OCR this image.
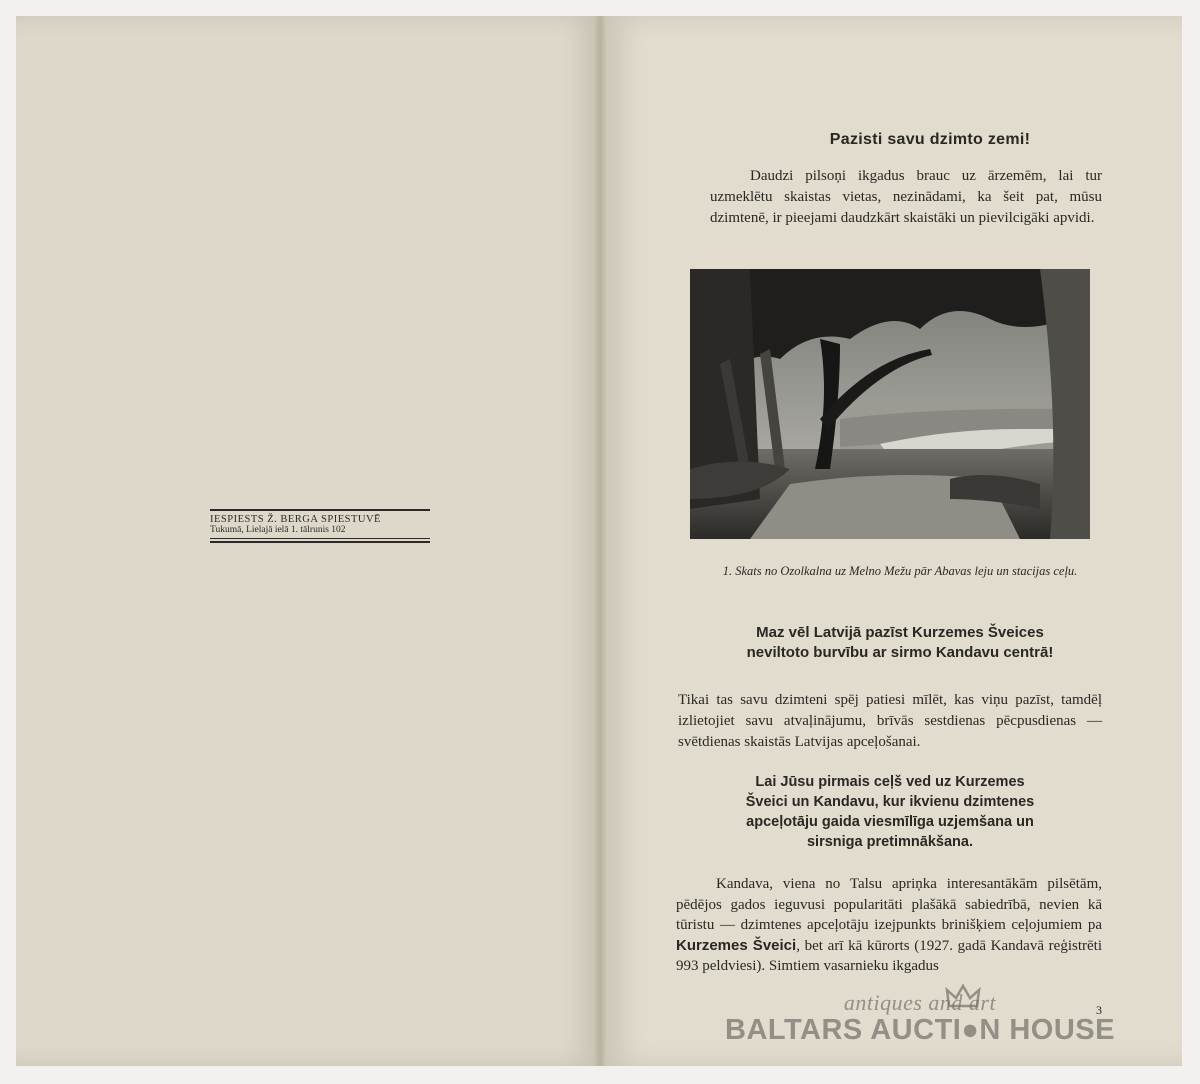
IESPIESTS Ž. BERGA SPIESTUVĒ
Tukumā, Lielajā ielā 1. tālrunis 102
Pazisti savu dzimto zemi!
Daudzi pilsoņi ikgadus brauc uz ārzemēm, lai tur uzmeklētu skaistas vietas, nezinādami, ka šeit pat, mūsu dzimtenē, ir pieejami daudzkārt skaistāki un pievilcigāki apvidi.
1. Skats no Ozolkalna uz Melno Mežu pār Abavas leju un stacijas ceļu.
Maz vēl Latvijā pazīst Kurzemes Šveices neviltoto burvību ar sirmo Kandavu centrā!
Tikai tas savu dzimteni spēj patiesi mīlēt, kas viņu pazīst, tamdēļ izlietojiet savu atvaļinājumu, brīvās sestdienas pēcpusdienas — svētdienas skaistās Latvijas apceļošanai.
Lai Jūsu pirmais ceļš ved uz Kurzemes Šveici un Kandavu, kur ikvienu dzimtenes apceļotāju gaida viesmīlīga uzjemšana un sirsniga pretimnākšana.
Kandava, viena no Talsu apriņka interesantākām pilsētām, pēdējos gados ieguvusi popularitāti plašākā sabiedrībā, nevien kā tūristu — dzimtenes apceļotāju izejpunkts brinišķiem ceļojumiem pa Kurzemes Šveici, bet arī kā kūrorts (1927. gadā Kandavā reģistrēti 993 peldviesi). Simtiem vasarnieku ikgadus
3
antiques and art
BALTARS AUCTI●N HOUSE
